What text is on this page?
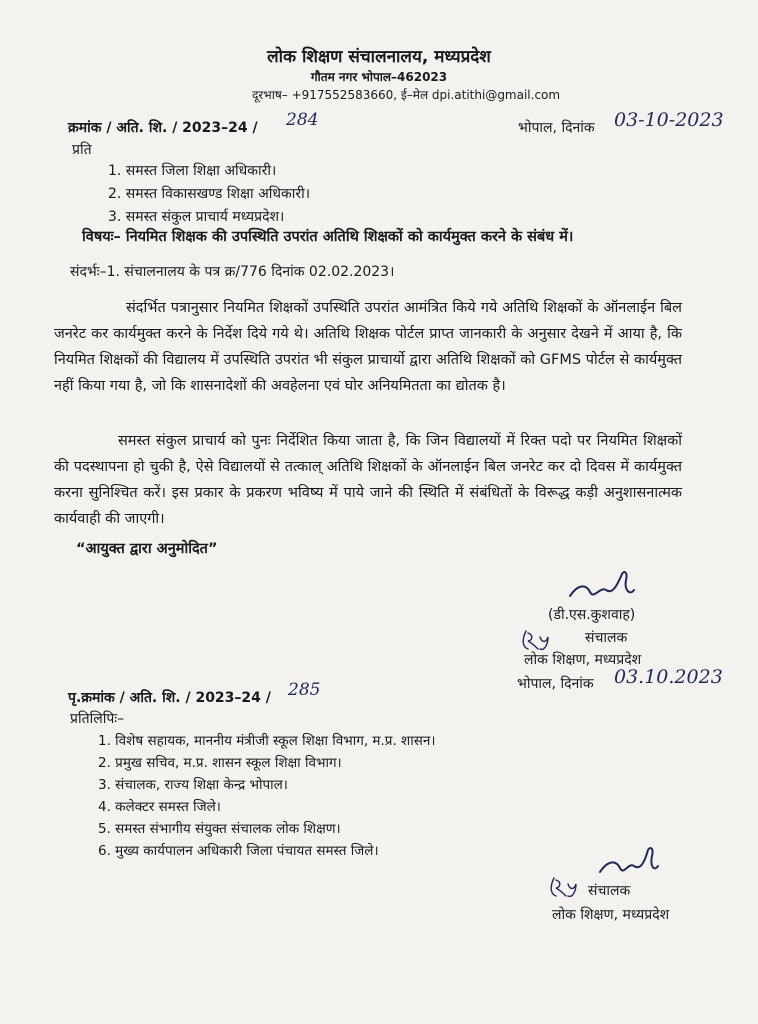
लोक शिक्षण संचालनालय, मध्यप्रदेश
गौतम नगर भोपाल–462023
दूरभाष– +917552583660, ई–मेल dpi.atithi@gmail.com
क्रमांक / अति. शि. / 2023–24 / 284	भोपाल, दिनांक 03-10-2023
प्रति
1. समस्त जिला शिक्षा अधिकारी।
2. समस्त विकासखण्ड शिक्षा अधिकारी।
3. समस्त संकुल प्राचार्य मध्यप्रदेश।
विषयः– नियमित शिक्षक की उपस्थिति उपरांत अतिथि शिक्षकों को कार्यमुक्त करने के संबंध में।
संदर्भः–1. संचालनालय के पत्र क्र/776 दिनांक 02.02.2023।
संदर्भित पत्रानुसार नियमित शिक्षकों उपस्थिति उपरांत आमंत्रित किये गये अतिथि शिक्षकों के ऑनलाईन बिल जनरेट कर कार्यमुक्त करने के निर्देश दिये गये थे। अतिथि शिक्षक पोर्टल प्राप्त जानकारी के अनुसार देखने में आया है, कि नियमित शिक्षकों की विद्यालय में उपस्थिति उपरांत भी संकुल प्राचार्यो द्वारा अतिथि शिक्षकों को GFMS पोर्टल से कार्यमुक्त नहीं किया गया है, जो कि शासनादेशों की अवहेलना एवं घोर अनियमितता का द्योतक है।
समस्त संकुल प्राचार्य को पुनः निर्देशित किया जाता है, कि जिन विद्यालयों में रिक्त पदो पर नियमित शिक्षकों की पदस्थापना हो चुकी है, ऐसे विद्यालयों से तत्काल् अतिथि शिक्षकों के ऑनलाईन बिल जनरेट कर दो दिवस में कार्यमुक्त करना सुनिश्चित करें। इस प्रकार के प्रकरण भविष्य में पाये जाने की स्थिति में संबंधितों के विरूद्ध कड़ी अनुशासनात्मक कार्यवाही की जाएगी।
“आयुक्त द्वारा अनुमोदित”
(डी.एस.कुशवाह)
संचालक
लोक शिक्षण, मध्यप्रदेश
भोपाल, दिनांक 03.10.2023
पृ.क्रमांक / अति. शि. / 2023–24 / 285
प्रतिलिपिः–
1. विशेष सहायक, माननीय मंत्रीजी स्कूल शिक्षा विभाग, म.प्र. शासन।
2. प्रमुख सचिव, म.प्र. शासन स्कूल शिक्षा विभाग।
3. संचालक, राज्य शिक्षा केन्द्र भोपाल।
4. कलेक्टर समस्त जिले।
5. समस्त संभागीय संयुक्त संचालक लोक शिक्षण।
6. मुख्य कार्यपालन अधिकारी जिला पंचायत समस्त जिले।
संचालक
लोक शिक्षण, मध्यप्रदेश
